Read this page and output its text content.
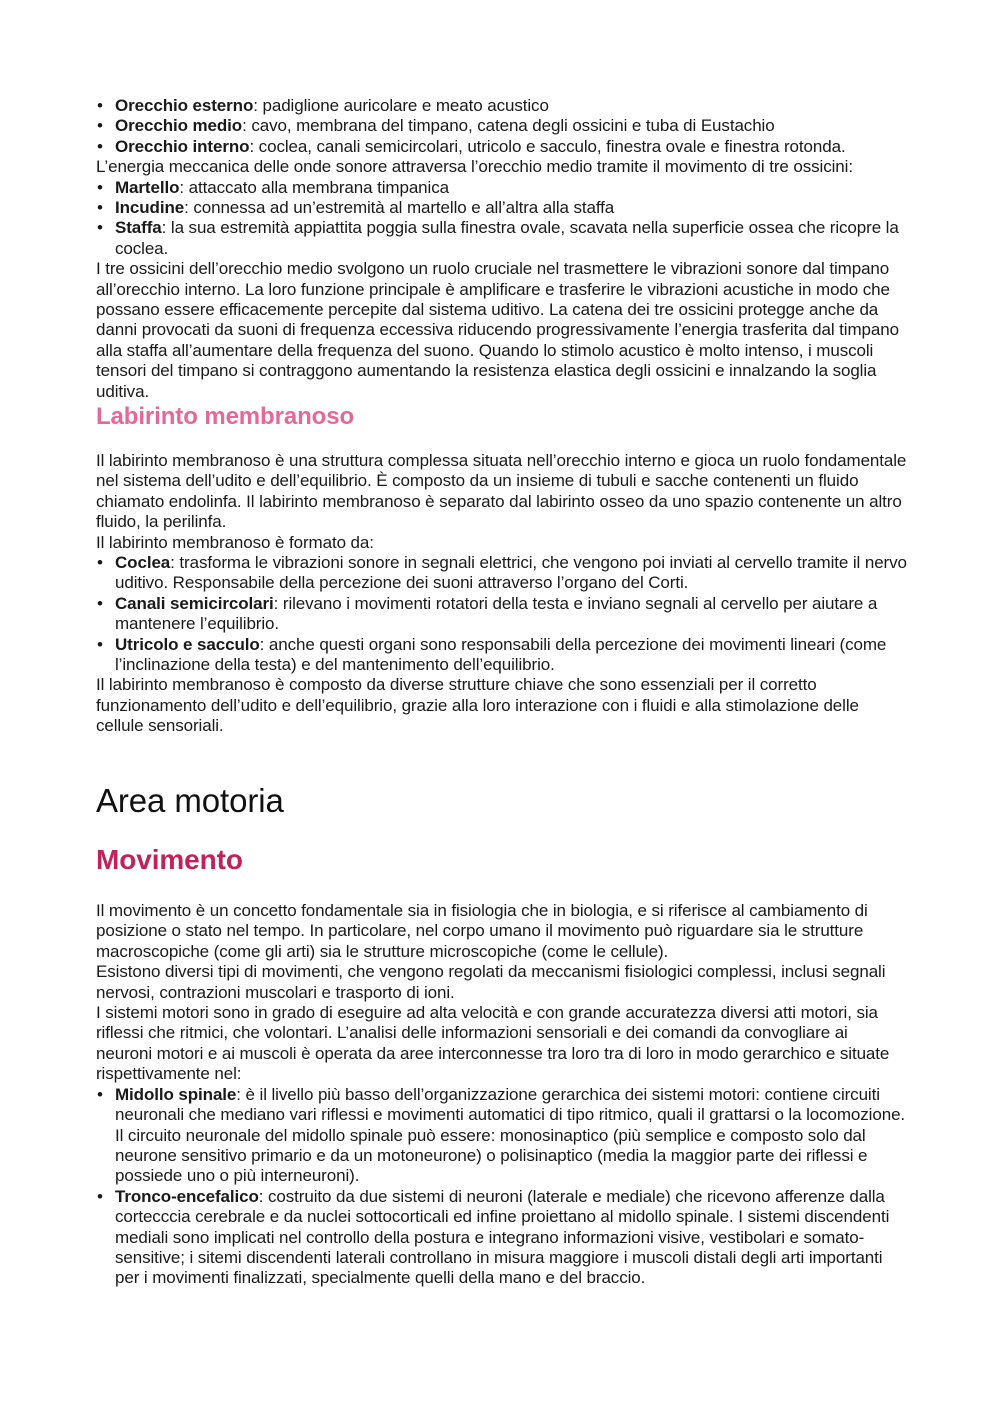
• Orecchio esterno: padiglione auricolare e meato acustico
• Orecchio medio: cavo, membrana del timpano, catena degli ossicini e tuba di Eustachio
• Orecchio interno: coclea, canali semicircolari, utricolo e sacculo, finestra ovale e finestra rotonda.

L’energia meccanica delle onde sonore attraversa l’orecchio medio tramite il movimento di tre ossicini:

• Martello: attaccato alla membrana timpanica
• Incudine: connessa ad un’estremità al martello e all’altra alla staffa
• Staffa: la sua estremità appiattita poggia sulla finestra ovale, scavata nella superficie ossea che ricopre la coclea.

I tre ossicini dell’orecchio medio svolgono un ruolo cruciale nel trasmettere le vibrazioni sonore dal timpano all’orecchio interno. La loro funzione principale è amplificare e trasferire le vibrazioni acustiche in modo che possano essere efficacemente percepite dal sistema uditivo. La catena dei tre ossicini protegge anche da danni provocati da suoni di frequenza eccessiva riducendo progressivamente l’energia trasferita dal timpano alla staffa all’aumentare della frequenza del suono. Quando lo stimolo acustico è molto intenso, i muscoli tensori del timpano si contraggono aumentando la resistenza elastica degli ossicini e innalzando la soglia uditiva.

Labirinto membranoso

Il labirinto membranoso è una struttura complessa situata nell’orecchio interno e gioca un ruolo fondamentale nel sistema dell’udito e dell’equilibrio. È composto da un insieme di tubuli e sacche contenenti un fluido chiamato endolinfa. Il labirinto membranoso è separato dal labirinto osseo da uno spazio contenente un altro fluido, la perilinfa.

Il labirinto membranoso è formato da:

• Coclea: trasforma le vibrazioni sonore in segnali elettrici, che vengono poi inviati al cervello tramite il nervo uditivo. Responsabile della percezione dei suoni attraverso l’organo del Corti.
• Canali semicircolari: rilevano i movimenti rotatori della testa e inviano segnali al cervello per aiutare a mantenere l’equilibrio.
• Utricolo e sacculo: anche questi organi sono responsabili della percezione dei movimenti lineari (come l’inclinazione della testa) e del mantenimento dell’equilibrio.

Il labirinto membranoso è composto da diverse strutture chiave che sono essenziali per il corretto funzionamento dell’udito e dell’equilibrio, grazie alla loro interazione con i fluidi e alla stimolazione delle cellule sensoriali.

Area motoria
Movimento

Il movimento è un concetto fondamentale sia in fisiologia che in biologia, e si riferisce al cambiamento di posizione o stato nel tempo. In particolare, nel corpo umano il movimento può riguardare sia le strutture macroscopiche (come gli arti) sia le strutture microscopiche (come le cellule).

Esistono diversi tipi di movimenti, che vengono regolati da meccanismi fisiologici complessi, inclusi segnali nervosi, contrazioni muscolari e trasporto di ioni.

I sistemi motori sono in grado di eseguire ad alta velocità e con grande accuratezza diversi atti motori, sia riflessi che ritmici, che volontari. L’analisi delle informazioni sensoriali e dei comandi da convogliare ai neuroni motori e ai muscoli è operata da aree interconnesse tra loro tra di loro in modo gerarchico e situate rispettivamente nel:

• Midollo spinale: è il livello più basso dell’organizzazione gerarchica dei sistemi motori: contiene circuiti neuronali che mediano vari riflessi e movimenti automatici di tipo ritmico, quali il grattarsi o la locomozione. Il circuito neuronale del midollo spinale può essere: monosinaptico (più semplice e composto solo dal neurone sensitivo primario e da un motoneurone) o polisinaptico (media la maggior parte dei riflessi e possiede uno o più interneuroni).
• Tronco-encefalico: costruito da due sistemi di neuroni (laterale e mediale) che ricevono afferenze dalla cortecccia cerebrale e da nuclei sottocorticali ed infine proiettano al midollo spinale. I sistemi discendenti mediali sono implicati nel controllo della postura e integrano informazioni visive, vestibolari e somato-sensitive; i sitemi discendenti laterali controllano in misura maggiore i muscoli distali degli arti importanti per i movimenti finalizzati, specialmente quelli della mano e del braccio.
